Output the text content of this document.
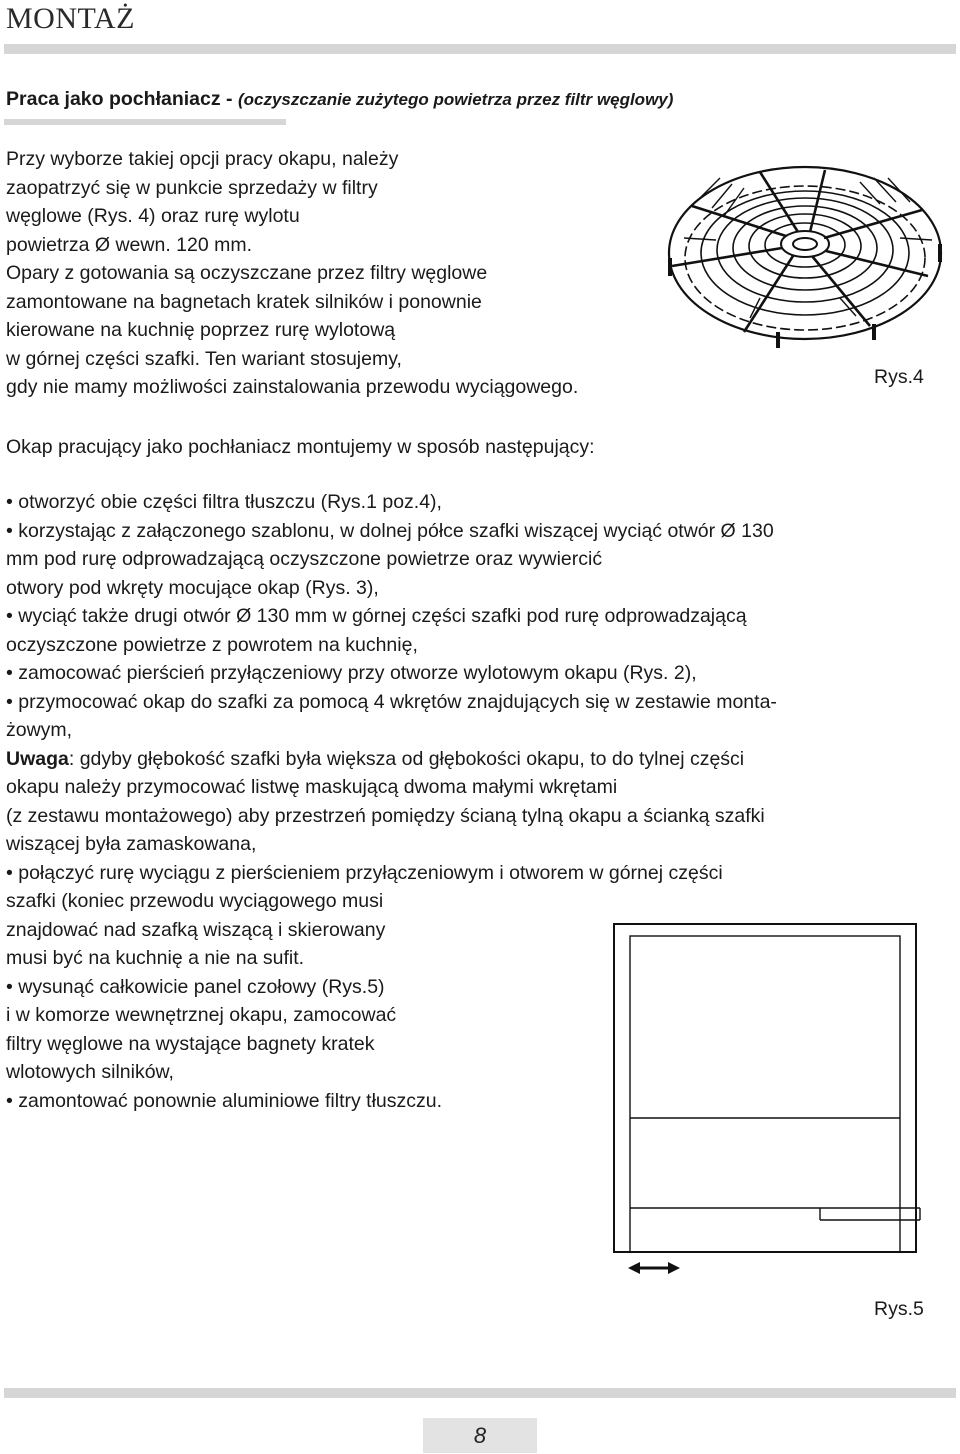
MONTAŻ
Praca jako pochłaniacz - (oczyszczanie zużytego powietrza przez filtr węglowy)
Przy wyborze takiej opcji pracy okapu, należy
zaopatrzyć się w punkcie sprzedaży w filtry
węglowe (Rys. 4) oraz rurę wylotu
powietrza Ø wewn. 120 mm.
Opary z gotowania są oczyszczane przez filtry węglowe
zamontowane na bagnetach kratek silników i ponownie
kierowane na kuchnię poprzez rurę wylotową
w górnej części szafki. Ten wariant stosujemy,
gdy nie mamy możliwości zainstalowania przewodu wyciągowego.	Rys.4
Okap pracujący jako pochłaniacz montujemy w sposób następujący:
• otworzyć obie części filtra tłuszczu (Rys.1 poz.4),
• korzystając z załączonego szablonu, w dolnej półce szafki wiszącej wyciąć otwór Ø 130
mm pod rurę odprowadzającą oczyszczone powietrze oraz wywiercić
otwory pod wkręty mocujące okap (Rys. 3),
• wyciąć także drugi otwór Ø 130 mm w górnej części szafki pod rurę odprowadzającą
oczyszczone powietrze z powrotem na kuchnię,
• zamocować pierścień przyłączeniowy przy otworze wylotowym okapu (Rys. 2),
• przymocować okap do szafki za pomocą 4 wkrętów znajdujących się w zestawie monta-
żowym,
Uwaga: gdyby głębokość szafki była większa od głębokości okapu, to do tylnej części
okapu należy przymocować listwę maskującą dwoma małymi wkrętami
(z zestawu montażowego) aby przestrzeń pomiędzy ścianą tylną okapu a ścianką szafki
wiszącej była zamaskowana,
• połączyć rurę wyciągu z pierścieniem przyłączeniowym i otworem w górnej części
szafki (koniec przewodu wyciągowego musi
znajdować nad szafką wiszącą i skierowany
musi być na kuchnię a nie na sufit.
• wysunąć całkowicie panel czołowy (Rys.5)
i w komorze wewnętrznej okapu, zamocować
filtry węglowe na wystające bagnety kratek
wlotowych silników,
• zamontować ponownie aluminiowe filtry tłuszczu.
Rys.5
8
